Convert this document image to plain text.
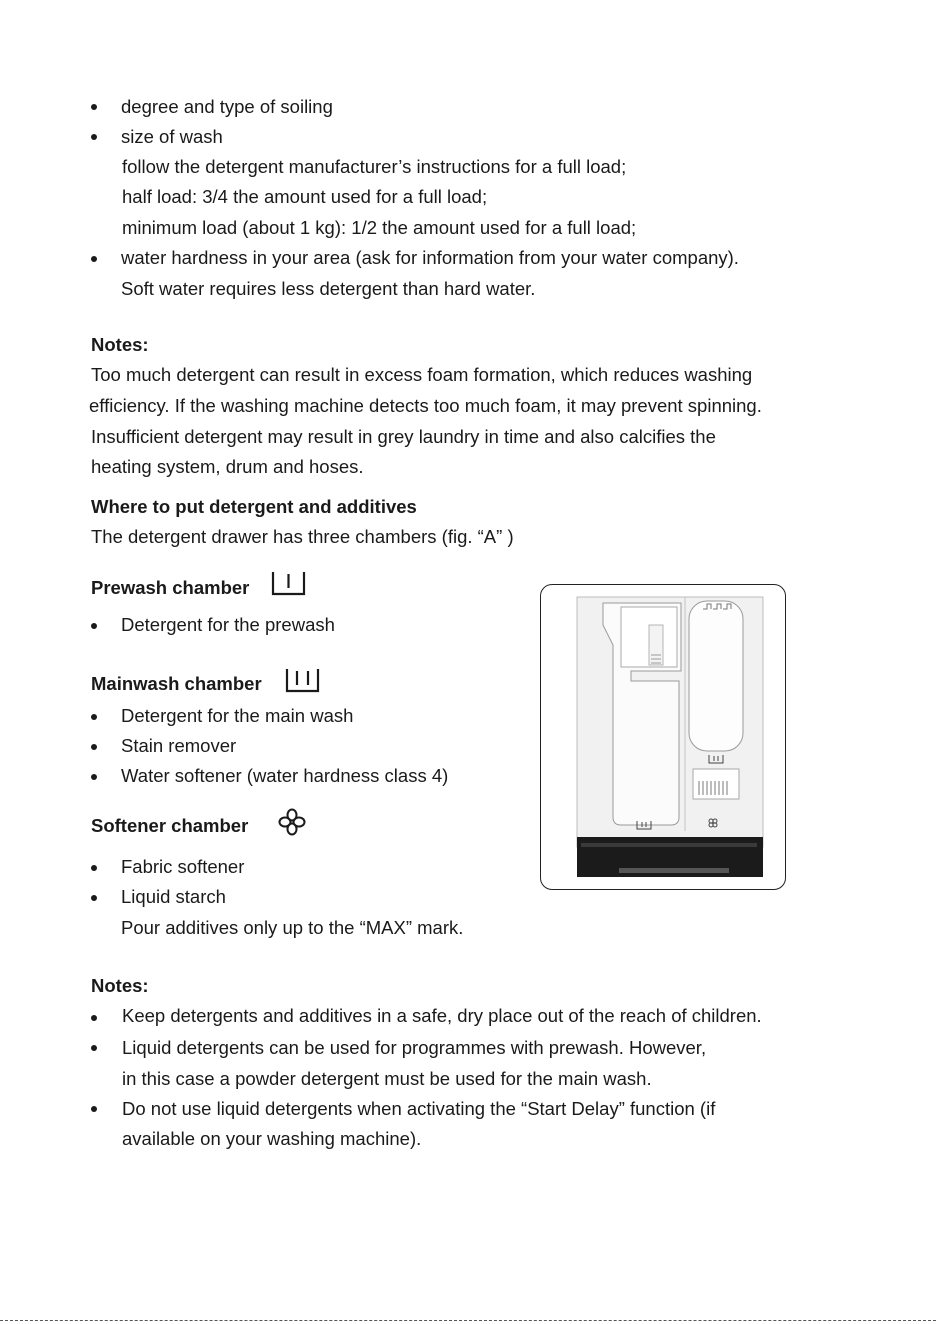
degree and type of soiling
size of wash
follow the detergent manufacturer’s instructions for a full load;
half load: 3/4 the amount used for a full load;
minimum load (about 1 kg): 1/2 the amount used for a full load;
water hardness in your area (ask for information from your water company).
Soft water requires less detergent than hard water.
Notes:
Too much detergent can result in excess foam formation, which reduces washing
efficiency. If the washing machine detects too much foam, it may prevent spinning.
Insufficient detergent may result in grey laundry in time and also calcifies the
heating system, drum and hoses.
Where to put detergent and additives
The detergent drawer has three chambers (fig. “A” )
Prewash chamber
Detergent for the prewash
Mainwash chamber
Detergent for the main wash
Stain remover
Water softener (water hardness class 4)
Softener chamber
Fabric softener
Liquid starch
Pour additives only up to the “MAX” mark.
Notes:
Keep detergents and additives in a safe, dry place out of the reach of children.
Liquid detergents can be used for programmes with prewash. However,
in this case a powder detergent must be used for the main wash.
Do not use liquid detergents when activating the “Start Delay” function (if
available on your washing machine).
